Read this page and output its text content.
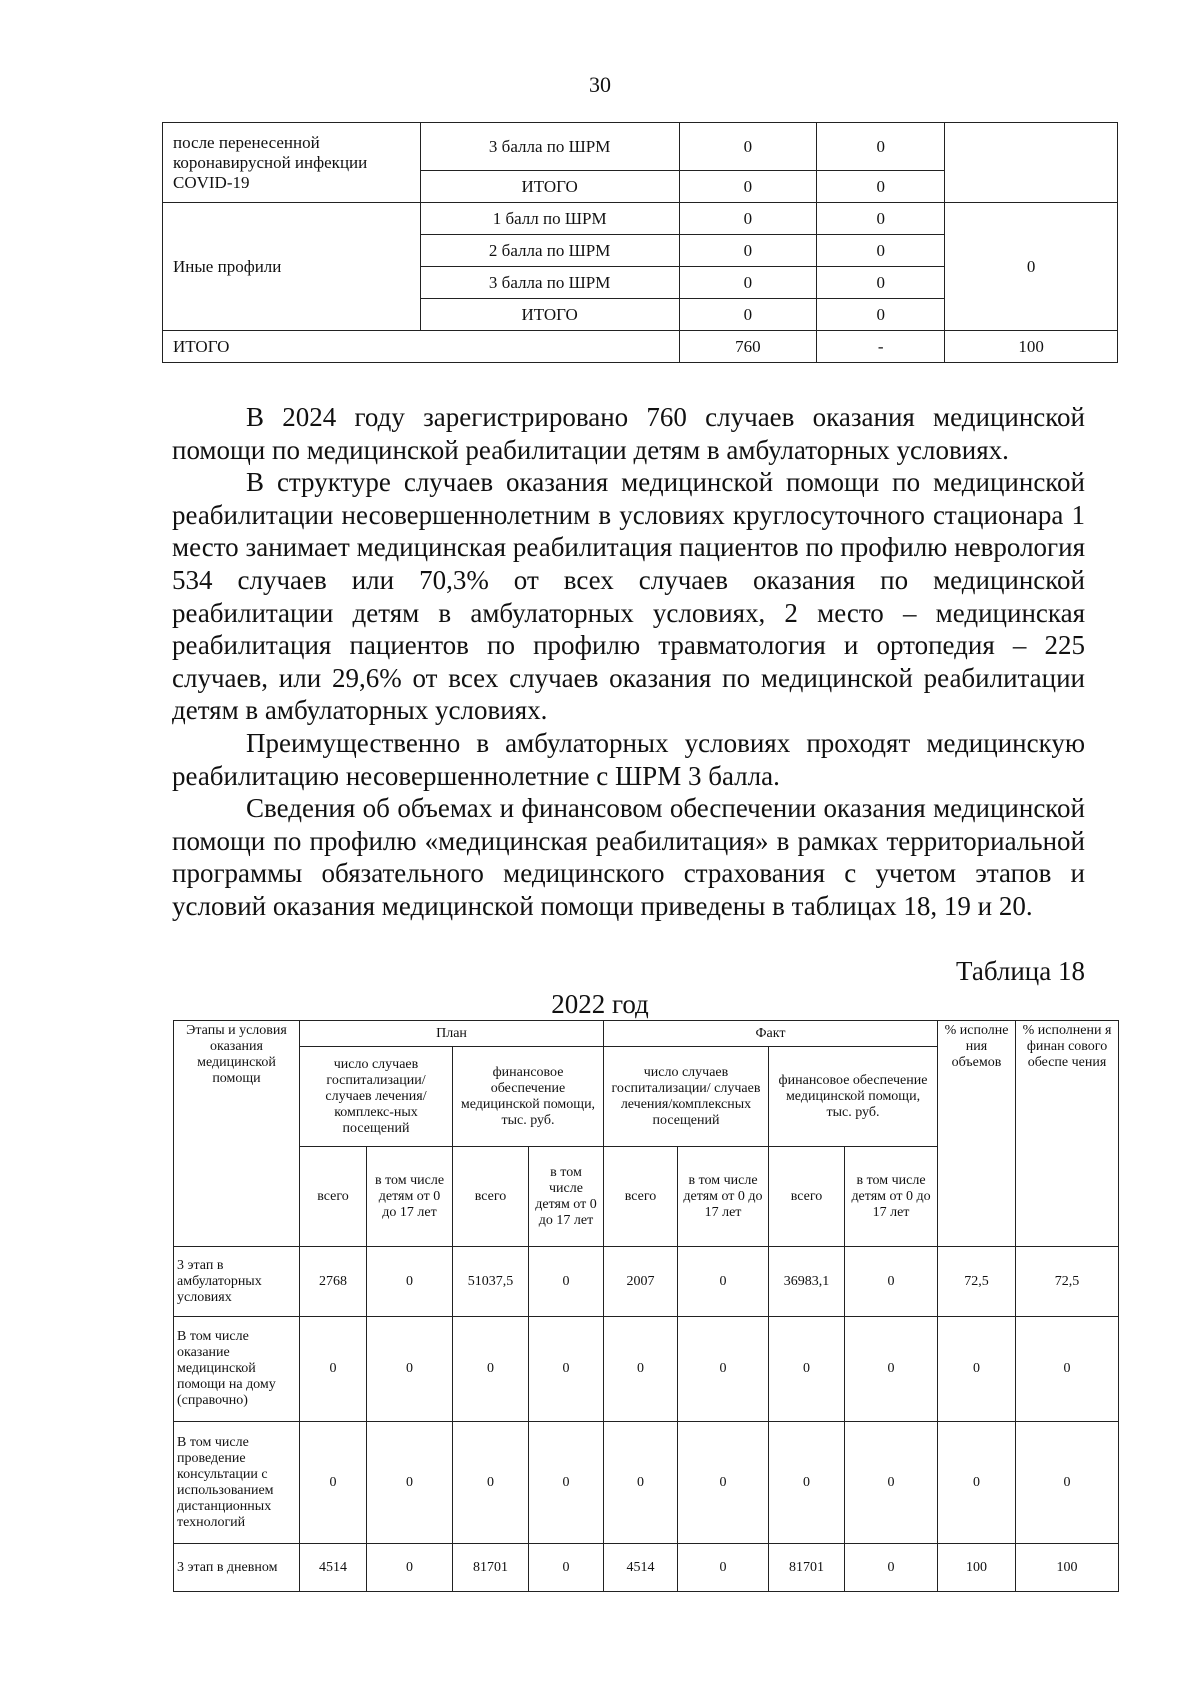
30
после перенесенной коронавирусной инфекции COVID-19	3 балла по ШРМ	0	0	
	ИТОГО	0	0	
Иные профили	1 балл по ШРМ	0	0	0
	2 балла по ШРМ	0	0	
	3 балла по ШРМ	0	0	
	ИТОГО	0	0	
ИТОГО		760	-	100

В 2024 году зарегистрировано 760 случаев оказания медицинской помощи по медицинской реабилитации детям в амбулаторных условиях.

В структуре случаев оказания медицинской помощи по медицинской реабилитации несовершеннолетним в условиях круглосуточного стационара 1 место занимает медицинская реабилитация пациентов по профилю неврология 534 случаев или 70,3% от всех случаев оказания по медицинской реабилитации детям в амбулаторных условиях, 2 место – медицинская реабилитация пациентов по профилю травматология и ортопедия – 225 случаев, или 29,6% от всех случаев оказания по медицинской реабилитации детям в амбулаторных условиях.

Преимущественно в амбулаторных условиях проходят медицинскую реабилитацию несовершеннолетние с ШРМ 3 балла.

Сведения об объемах и финансовом обеспечении оказания медицинской помощи по профилю «медицинская реабилитация» в рамках территориальной программы обязательного медицинского страхования с учетом этапов и условий оказания медицинской помощи приведены в таблицах 18, 19 и 20.

Таблица 18
2022 год
Этапы и условия оказания медицинской помощи	План				Факт				% исполне ния объемов	% исполнени я финан сового обеспе чения
	число случаев госпитализации/ случаев лечения/комплекс-ных посещений		финансовое обеспечение медицинской помощи, тыс. руб.		число случаев госпитализации/ случаев лечения/комплексных посещений		финансовое обеспечение медицинской помощи, тыс. руб.			
	всего	в том числе детям от 0 до 17 лет	всего	в том числе детям от 0 до 17 лет	всего	в том числе детям от 0 до 17 лет	всего	в том числе детям от 0 до 17 лет		
3 этап в амбулаторных условиях	2768	0	51037,5	0	2007	0	36983,1	0	72,5	72,5
В том числе оказание медицинской помощи на дому (справочно)	0	0	0	0	0	0	0	0	0	0
В том числе проведение консультации с использованием дистанционных технологий	0	0	0	0	0	0	0	0	0	0
3 этап в дневном	4514	0	81701	0	4514	0	81701	0	100	100
